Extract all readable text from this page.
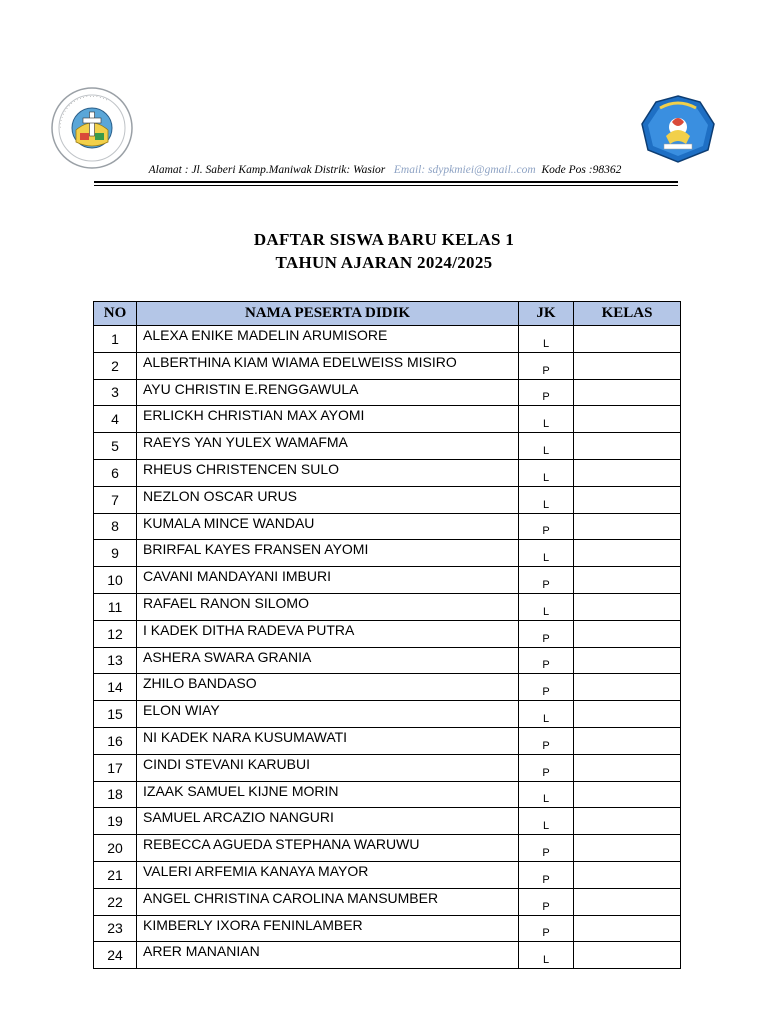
· · · · · · · · · · · · · · · · · · · ·
Alamat : Jl. Saberi Kamp.Maniwak Distrik: Wasior Email: sdypkmiei@gmail..com Kode Pos :98362
DAFTAR SISWA BARU KELAS 1
TAHUN AJARAN 2024/2025
NO	NAMA PESERTA DIDIK	JK	KELAS
1	ALEXA ENIKE MADELIN ARUMISORE	L	
2	ALBERTHINA KIAM WIAMA EDELWEISS MISIRO	P	
3	AYU CHRISTIN E.RENGGAWULA	P	
4	ERLICKH CHRISTIAN MAX AYOMI	L	
5	RAEYS YAN YULEX WAMAFMA	L	
6	RHEUS CHRISTENCEN SULO	L	
7	NEZLON OSCAR URUS	L	
8	KUMALA MINCE WANDAU	P	
9	BRIRFAL KAYES FRANSEN AYOMI	L	
10	CAVANI MANDAYANI IMBURI	P	
11	RAFAEL RANON SILOMO	L	
12	I KADEK DITHA RADEVA PUTRA	P	
13	ASHERA SWARA GRANIA	P	
14	ZHILO BANDASO	P	
15	ELON WIAY	L	
16	NI KADEK NARA KUSUMAWATI	P	
17	CINDI STEVANI KARUBUI	P	
18	IZAAK SAMUEL KIJNE MORIN	L	
19	SAMUEL ARCAZIO NANGURI	L	
20	REBECCA AGUEDA STEPHANA WARUWU	P	
21	VALERI ARFEMIA KANAYA MAYOR	P	
22	ANGEL CHRISTINA CAROLINA MANSUMBER	P	
23	KIMBERLY IXORA FENINLAMBER	P	
24	ARER MANANIAN	L	
